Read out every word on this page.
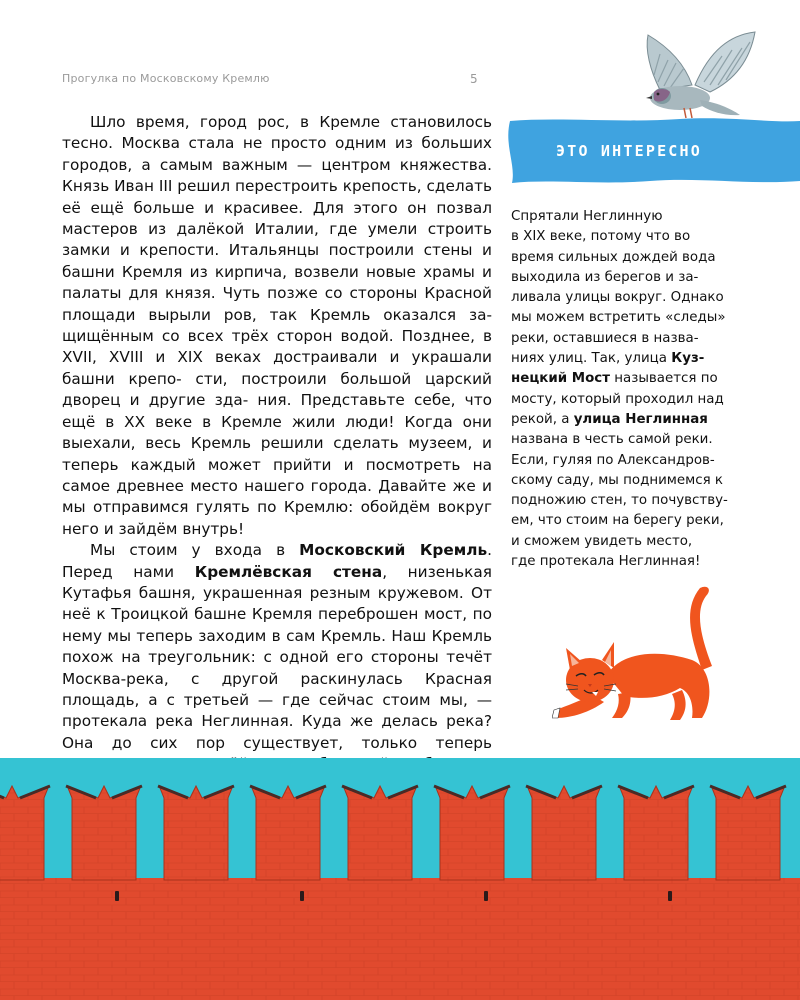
Прогулка по Московскому Кремлю	5

Шло время, город рос, в Кремле становилось тесно. Москва стала не просто одним из больших городов, а самым важным — центром княжества. Князь Иван III решил перестроить крепость, сделать её ещё больше и красивее. Для этого он позвал мастеров из далёкой Италии, где умели строить замки и крепости. Итальянцы построили стены и башни Кремля из кирпича, возвели новые храмы и палаты для князя. Чуть позже со стороны Красной площади вырыли ров, так Кремль оказался за- щищённым со всех трёх сторон водой. Позднее, в XVII, XVIII и XIX веках достраивали и украшали башни крепо- сти, построили большой царский дворец и другие зда- ния. Представьте себе, что ещё в XX веке в Кремле жили люди! Когда они выехали, весь Кремль решили сделать музеем, и теперь каждый может прийти и посмотреть на самое древнее место нашего города. Давайте же и мы отправимся гулять по Кремлю: обойдём вокруг него и зайдём внутрь!

Мы стоим у входа в Московский Кремль. Перед нами Кремлёвская стена, низенькая Кутафья башня, украшенная резным кружевом. От неё к Троицкой башне Кремля переброшен мост, по нему мы теперь заходим в сам Кремль. Наш Кремль похож на треугольник: с одной его стороны течёт Москва-река, с другой раскинулась Красная площадь, а с третьей — где сейчас стоим мы, — протекала река Неглинная. Куда же делась река? Она до сих пор существует, только теперь

ЭТО ИНТЕРЕСНО
Спрятали Неглинную
в XIX веке, потому что во
время сильных дождей вода
выходила из берегов и за-
ливала улицы вокруг. Однако
мы можем встретить «следы»
реки, оставшиеся в назва-
ниях улиц. Так, улица Куз-
нецкий Мост называется по
мосту, который проходил над
рекой, а улица Неглинная
названа в честь самой реки.
Если, гуляя по Александров-
скому саду, мы поднимемся к
подножию стен, то почувству-
ем, что стоим на берегу реки,
и сможем увидеть место,
где протекала Неглинная!
